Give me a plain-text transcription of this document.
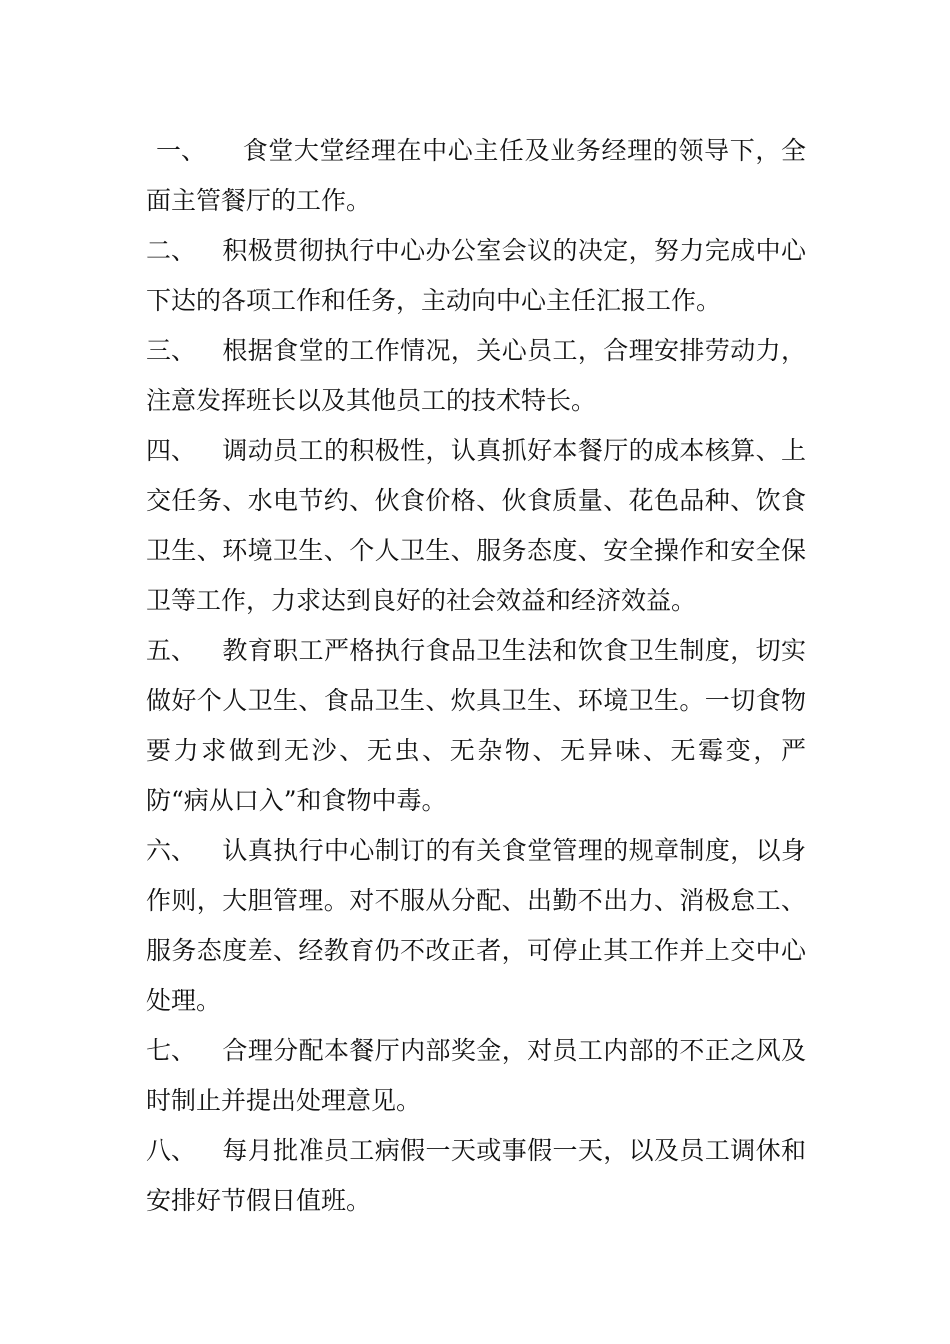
一、 食堂大堂经理在中心主任及业务经理的领导下，全面主管餐厅的工作。

二、 积极贯彻执行中心办公室会议的决定，努力完成中心下达的各项工作和任务，主动向中心主任汇报工作。

三、 根据食堂的工作情况，关心员工，合理安排劳动力，注意发挥班长以及其他员工的技术特长。

四、 调动员工的积极性，认真抓好本餐厅的成本核算、上交任务、水电节约、伙食价格、伙食质量、花色品种、饮食卫生、环境卫生、个人卫生、服务态度、安全操作和安全保卫等工作，力求达到良好的社会效益和经济效益。

五、 教育职工严格执行食品卫生法和饮食卫生制度，切实做好个人卫生、食品卫生、炊具卫生、环境卫生。一切食物要力求做到无沙、无虫、无杂物、无异味、无霉变，严防“病从口入”和食物中毒。

六、 认真执行中心制订的有关食堂管理的规章制度，以身作则，大胆管理。对不服从分配、出勤不出力、消极怠工、服务态度差、经教育仍不改正者，可停止其工作并上交中心处理。

七、 合理分配本餐厅内部奖金，对员工内部的不正之风及时制止并提出处理意见。

八、 每月批准员工病假一天或事假一天，以及员工调休和安排好节假日值班。
